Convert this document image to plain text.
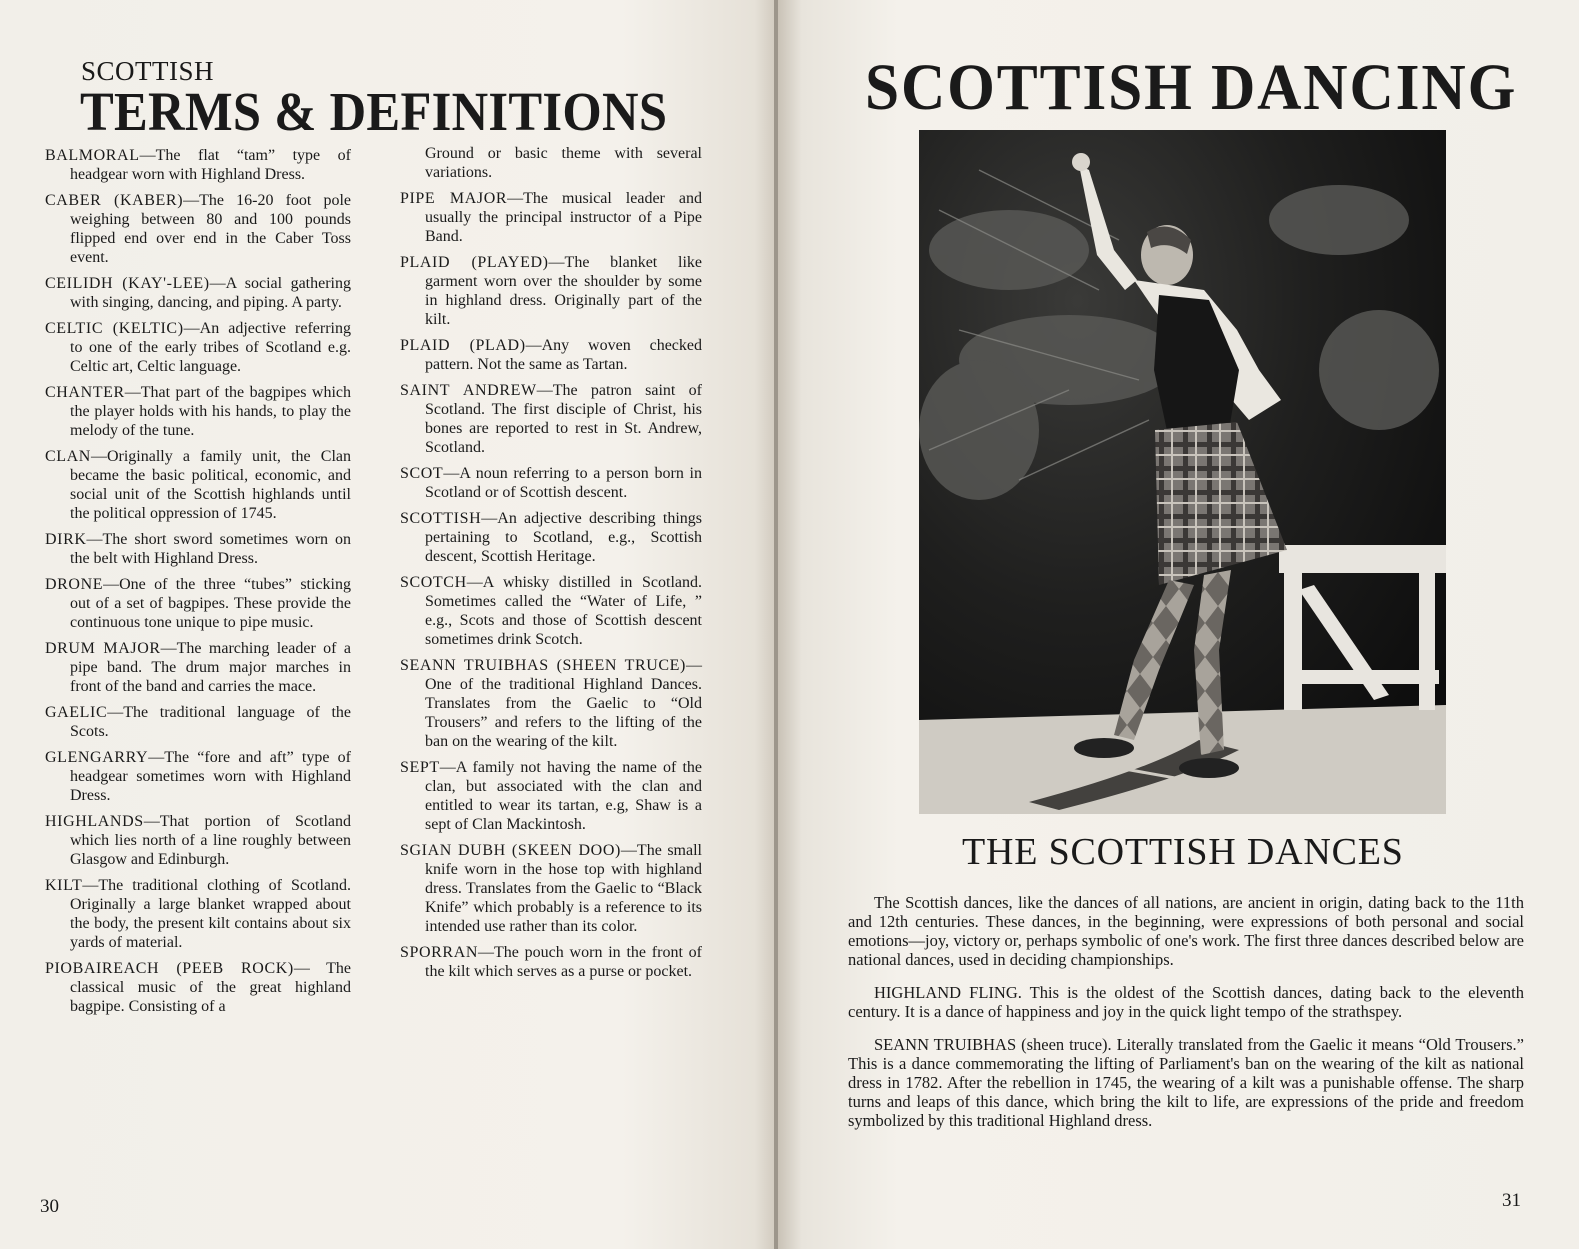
SCOTTISH
TERMS & DEFINITIONS

BALMORAL—The flat “tam” type of headgear worn with Highland Dress.

CABER (KABER)—The 16-20 foot pole weighing between 80 and 100 pounds flipped end over end in the Caber Toss event.

CEILIDH (KAY'-LEE)—A social gathering with singing, dancing, and piping. A party.

CELTIC (KELTIC)—An adjective referring to one of the early tribes of Scotland e.g. Celtic art, Celtic language.

CHANTER—That part of the bagpipes which the player holds with his hands, to play the melody of the tune.

CLAN—Originally a family unit, the Clan became the basic political, economic, and social unit of the Scottish highlands until the political oppression of 1745.

DIRK—The short sword sometimes worn on the belt with Highland Dress.

DRONE—One of the three “tubes” sticking out of a set of bagpipes. These provide the continuous tone unique to pipe music.

DRUM MAJOR—The marching leader of a pipe band. The drum major marches in front of the band and carries the mace.

GAELIC—The traditional language of the Scots.

GLENGARRY—The “fore and aft” type of headgear sometimes worn with Highland Dress.

HIGHLANDS—That portion of Scotland which lies north of a line roughly between Glasgow and Edinburgh.

KILT—The traditional clothing of Scotland. Originally a large blanket wrapped about the body, the present kilt contains about six yards of material.

PIOBAIREACH (PEEB ROCK)— The classical music of the great highland bagpipe. Consisting of a

Ground or basic theme with several variations.

PIPE MAJOR—The musical leader and usually the principal instructor of a Pipe Band.

PLAID (PLAYED)—The blanket like garment worn over the shoulder by some in highland dress. Originally part of the kilt.

PLAID (PLAD)—Any woven checked pattern. Not the same as Tartan.

SAINT ANDREW—The patron saint of Scotland. The first disciple of Christ, his bones are reported to rest in St. Andrew, Scotland.

SCOT—A noun referring to a person born in Scotland or of Scottish descent.

SCOTTISH—An adjective describing things pertaining to Scotland, e.g., Scottish descent, Scottish Heritage.

SCOTCH—A whisky distilled in Scotland. Sometimes called the “Water of Life, ” e.g., Scots and those of Scottish descent sometimes drink Scotch.

SEANN TRUIBHAS (SHEEN TRUCE)—One of the traditional Highland Dances. Translates from the Gaelic to “Old Trousers” and refers to the lifting of the ban on the wearing of the kilt.

SEPT—A family not having the name of the clan, but associated with the clan and entitled to wear its tartan, e.g, Shaw is a sept of Clan Mackintosh.

SGIAN DUBH (SKEEN DOO)—The small knife worn in the hose top with highland dress. Translates from the Gaelic to “Black Knife” which probably is a reference to its intended use rather than its color.

SPORRAN—The pouch worn in the front of the kilt which serves as a purse or pocket.

30
SCOTTISH DANCING
THE SCOTTISH DANCES

The Scottish dances, like the dances of all nations, are ancient in origin, dating back to the 11th and 12th centuries. These dances, in the beginning, were expressions of both personal and social emotions—joy, victory or, perhaps symbolic of one's work. The first three dances described below are national dances, used in deciding championships.

HIGHLAND FLING. This is the oldest of the Scottish dances, dating back to the eleventh century. It is a dance of happiness and joy in the quick light tempo of the strathspey.

SEANN TRUIBHAS (sheen truce). Literally translated from the Gaelic it means “Old Trousers.” This is a dance commemorating the lifting of Parliament's ban on the wearing of the kilt as national dress in 1782. After the rebellion in 1745, the wearing of a kilt was a punishable offense. The sharp turns and leaps of this dance, which bring the kilt to life, are expressions of the pride and freedom symbolized by this traditional Highland dress.

31
